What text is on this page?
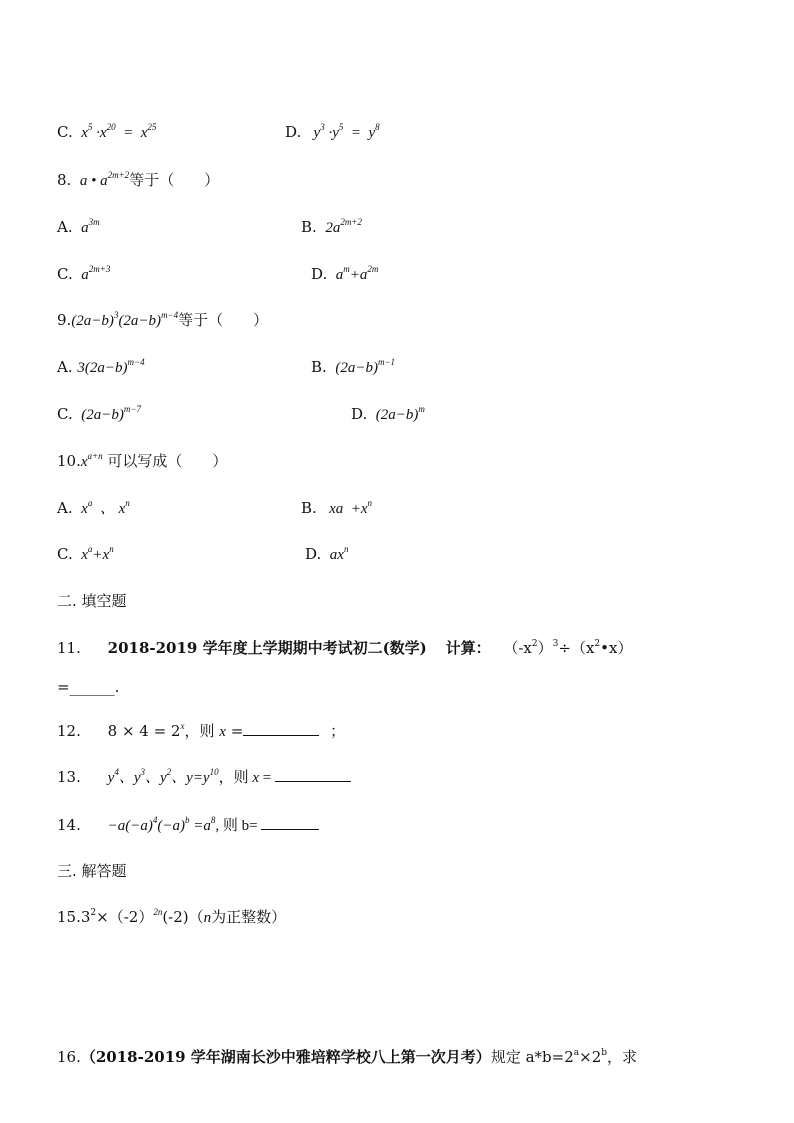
C.  $x^5 \cdot x^{20} = x^{25}$	D.   $y^3 \cdot y^5 = y^8$
8.  a • $a^{2m+2}$等于（　　）
A.  $a^{3m}$	B.  $2a^{2m+2}$
C.  $a^{2m+3}$	D.  $a^m+a^{2m}$
$9.(2a-b)^3(2a-b)^{m-4}$等于（　　）
A. $3(2a-b)^{m-4}$	B.  $(2a-b)^{m-1}$
C.  $(2a-b)^{m-7}$	D.  $(2a-b)^m$
$10.x^{a+n}$ 可以写成（　　）
A.  $x^a$  、 $x^n$	B.   xa  $+x^n$
C.  $x^a+x^n$	D.  $ax^n$
二. 填空题
11. 2018-2019 学年度上学期期中考试初二(数学) 计算： $(-x^2)^3\div(x^2•x)$
=______.
12. $8 \times 4 = 2^x$，则 x =	；
13. $y^4$、$y^3$、$y^2$、$y=y^{10}$，则 x =
14. $-a(-a)^4(-a)^b =a^8$, 则 b=
三. 解答题
$15.3^2\times(-2)^{2n}(-2)(n$为正整数）
16.（2018-2019 学年湖南长沙中雅培粹学校八上第一次月考）规定 $a*b=2^a\times 2^b$，求
